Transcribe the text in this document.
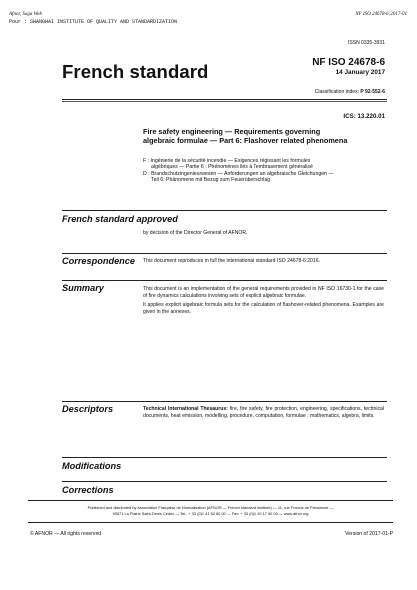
Afnor, Saga Web
Pour : SHANGHAI INSTITUTE OF QUALITY AND STANDARDIZATION
NF ISO 24678-6:2017-01
ISSN 0335-3931
French standard	NF ISO 24678-6
14 January 2017
Classification index: P 92-552-6
ICS: 13.220.01
Fire safety engineering — Requirements governing
algebraic formulae — Part 6: Flashover related phenomena
F : Ingénierie de la sécurité incendie — Exigences régissant les formules
algébriques — Partie 6 : Phénomènes liés à l'embrasement généralisé
D : Brandschutzingenieurwesen — Anforderungen an algebraische Gleichungen —
Teil 6: Phänomene mit Bezug zum Feuerüberschlag
French standard approved
by decision of the Director General of AFNOR.
Correspondence This document reproduces in full the international standard ISO 24678-6:2016.
Summary	This document is an implementation of the general requirements provided in NF ISO 16730-1 for the case of fire dynamics calculations involving sets of explicit algebraic formulae.

It applies explicit algebraic formula sets for the calculation of flashover-related phenomena. Examples are given in the annexes.

Descriptors	Technical International Thesaurus: fire, fire safety, fire protection, engineering, specifications, technical documents, heat emission, modelling, procedure, computation, formulae : mathematics, algebra, limits.
Modifications
Corrections
Published and distributed by Association Française de Normalisation (AFNOR — French standard institute) — 11, rue Francis de Pressensé —
93571 La Plaine Saint-Denis Cedex — Tel.: + 33 (0)1 41 62 80 00 — Fax: + 33 (0)1 49 17 90 00 — www.afnor.org
© AFNOR — All rights reserved	Version of 2017-01-P
